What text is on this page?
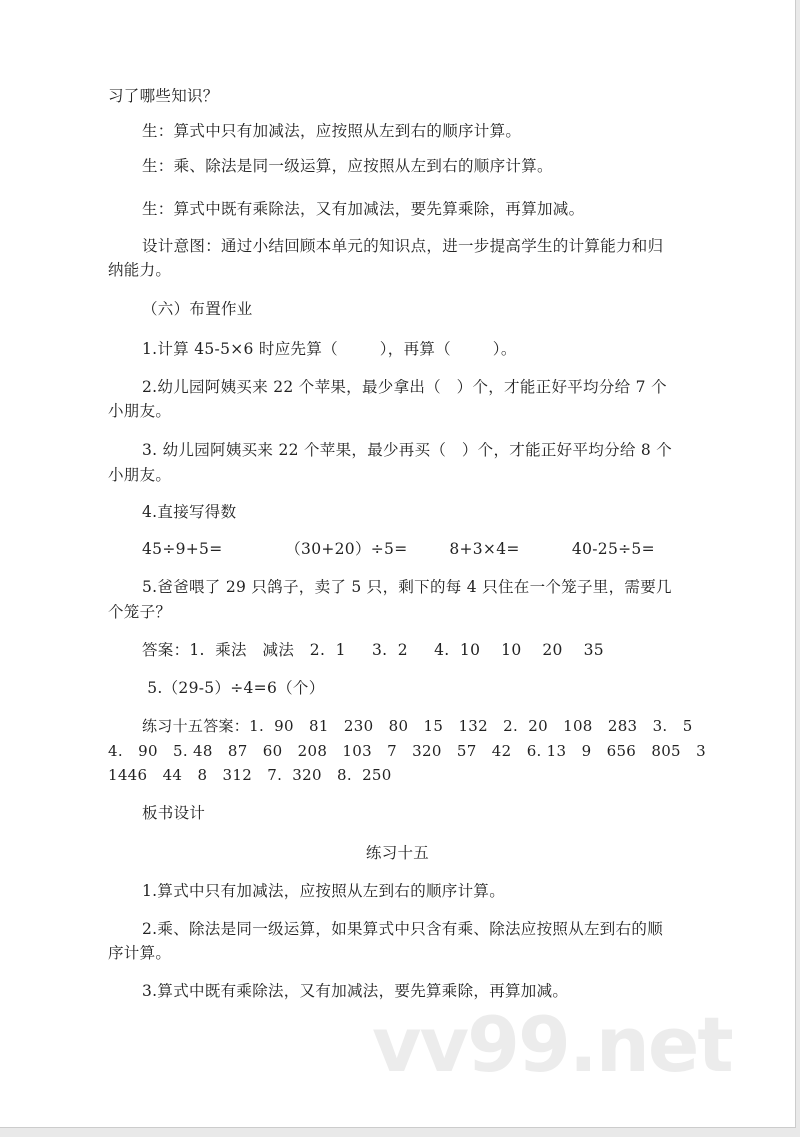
习了哪些知识？
生：算式中只有加减法，应按照从左到右的顺序计算。
生：乘、除法是同一级运算，应按照从左到右的顺序计算。
生：算式中既有乘除法，又有加减法，要先算乘除，再算加减。
设计意图：通过小结回顾本单元的知识点，进一步提高学生的计算能力和归
纳能力。
（六）布置作业
1.计算 45-5×6 时应先算（        ），再算（        ）。
2.幼儿园阿姨买来 22 个苹果，最少拿出（   ）个，才能正好平均分给 7 个
小朋友。
3. 幼儿园阿姨买来 22 个苹果，最少再买（   ）个，才能正好平均分给 8 个
小朋友。
4.直接写得数
45÷9+5=            （30+20）÷5=        8+3×4=          40-25÷5=
5.爸爸喂了 29 只鸽子，卖了 5 只，剩下的每 4 只住在一个笼子里，需要几
个笼子？
答案：1.  乘法   减法   2.  1     3.  2     4.  10    10    20    35
5.（29-5）÷4=6（个）
练习十五答案：1.  90   81   230   80   15   132   2.  20   108   283   3.   5
4.   90   5. 48   87   60   208   103   7   320   57   42   6. 13   9   656   805   3
1446   44   8   312   7.  320   8.  250
板书设计
练习十五
1.算式中只有加减法，应按照从左到右的顺序计算。
2.乘、除法是同一级运算，如果算式中只含有乘、除法应按照从左到右的顺
序计算。
3.算式中既有乘除法，又有加减法，要先算乘除，再算加减。
vv99.net
